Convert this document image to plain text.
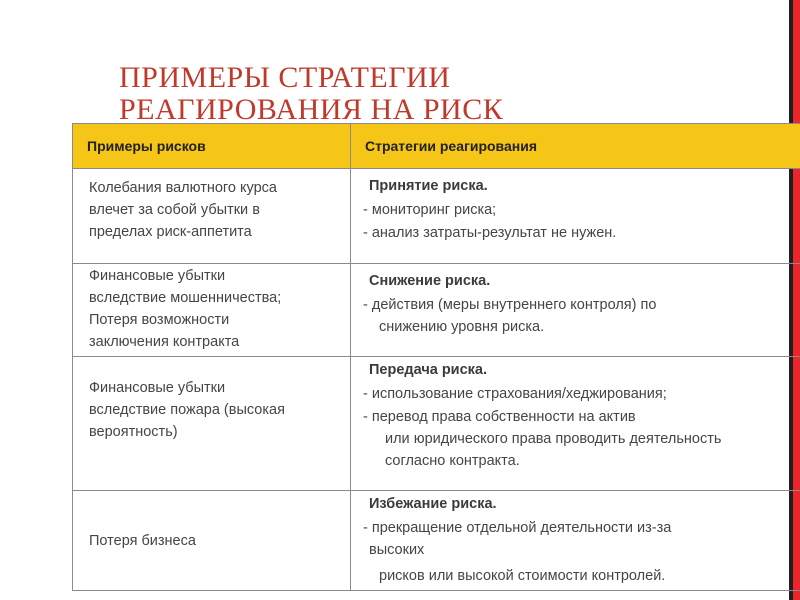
ПРИМЕРЫ СТРАТЕГИИ
РЕАГИРОВАНИЯ НА РИСК
Примеры рисков	Стратегии реагирования

Колебания валютного курса
влечет за собой убытки в
пределах риск-аппетита	Принятие риска.
- мониторинг риска;
- анализ затраты-результат не нужен.

Финансовые убытки
вследствие мошенничества;
Потеря возможности
заключения контракта	Снижение риска.
- действия (меры внутреннего контроля) по
снижению уровня риска.

Финансовые убытки
вследствие пожара (высокая
вероятность)	Передача риска.
- использование страхования/хеджирования;
- перевод права собственности на актив
или юридического права проводить деятельность
согласно контракта.

Потеря бизнеса	Избежание риска.
- прекращение отдельной деятельности из-за
высоких
рисков или высокой стоимости контролей.
